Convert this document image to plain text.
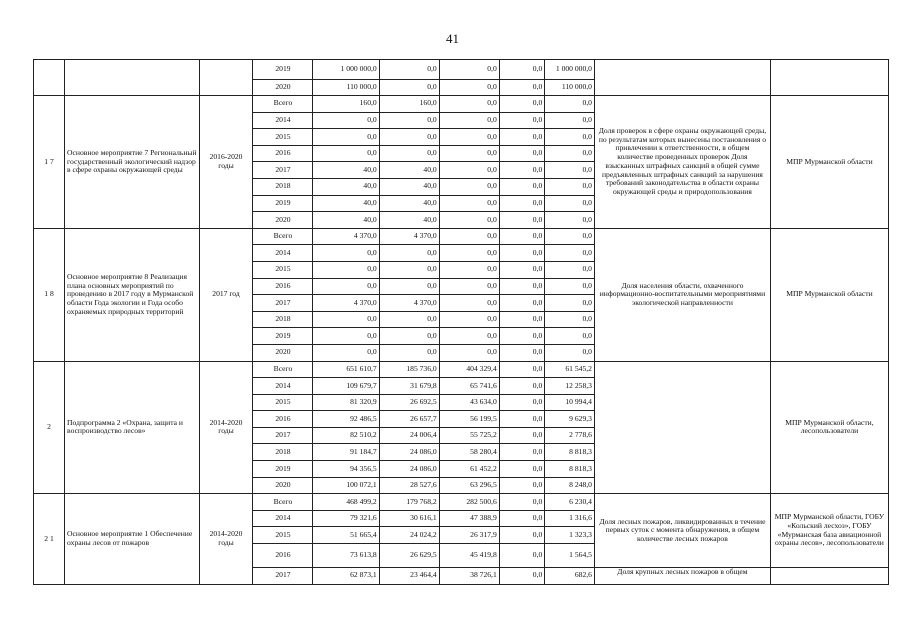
41
			2019	1 000 000,0	0,0	0,0	0,0	1 000 000,0		
			2020	110 000,0	0,0	0,0	0,0	110 000,0		
1 7	Основное мероприятие 7 Региональный государственный экологический надзор в сфере охраны окружающей среды	2016-2020 годы	Всего	160,0	160,0	0,0	0,0	0,0	Доля проверок в сфере охраны окружающей среды, по результатам которых вынесены постановления о привлечении к ответственности, в общем количестве проведенных проверок Доля взысканных штрафных санкций в общей сумме предъявленных штрафных санкций за нарушения требований законодательства в области охраны окружающей среды и природопользования	МПР Мурманской области
			2014	0,0	0,0	0,0	0,0	0,0		
			2015	0,0	0,0	0,0	0,0	0,0		
			2016	0,0	0,0	0,0	0,0	0,0		
			2017	40,0	40,0	0,0	0,0	0,0		
			2018	40,0	40,0	0,0	0,0	0,0		
			2019	40,0	40,0	0,0	0,0	0,0		
			2020	40,0	40,0	0,0	0,0	0,0		
1 8	Основное мероприятие 8 Реализация плана основных мероприятий по проведению в 2017 году в Мурманской области Года экологии и Года особо охраняемых природных территорий	2017 год	Всего	4 370,0	4 370,0	0,0	0,0	0,0	Доля населения области, охваченного информационно-воспитательными мероприятиями экологической направленности	МПР Мурманской области
			2014	0,0	0,0	0,0	0,0	0,0		
			2015	0,0	0,0	0,0	0,0	0,0		
			2016	0,0	0,0	0,0	0,0	0,0		
			2017	4 370,0	4 370,0	0,0	0,0	0,0		
			2018	0,0	0,0	0,0	0,0	0,0		
			2019	0,0	0,0	0,0	0,0	0,0		
			2020	0,0	0,0	0,0	0,0	0,0		
2	Подпрограмма 2 «Охрана, защита и воспроизводство лесов»	2014-2020 годы	Всего	651 610,7	185 736,0	404 329,4	0,0	61 545,2		МПР Мурманской области, лесопользователи
			2014	109 679,7	31 679,8	65 741,6	0,0	12 258,3		
			2015	81 320,9	26 692,5	43 634,0	0,0	10 994,4		
			2016	92 486,5	26 657,7	56 199,5	0,0	9 629,3		
			2017	82 510,2	24 006,4	55 725,2	0,0	2 778,6		
			2018	91 184,7	24 086,0	58 280,4	0,0	8 818,3		
			2019	94 356,5	24 086,0	61 452,2	0,0	8 818,3		
			2020	100 072,1	28 527,6	63 296,5	0,0	8 248,0		
2 1	Основное мероприятие 1 Обеспечение охраны лесов от пожаров	2014-2020 годы	Всего	468 499,2	179 768,2	282 500,6	0,0	6 230,4	Доля лесных пожаров, ликвидированных в течение первых суток с момента обнаружения, в общем количестве лесных пожаров	МПР Мурманской области, ГОБУ «Кольский лесхоз», ГОБУ «Мурманская база авиационной охраны лесов», лесопользователи
			2014	79 321,6	30 616,1	47 388,9	0,0	1 316,6		
			2015	51 665,4	24 024,2	26 317,9	0,0	1 323,3		
			2016	73 613,8	26 629,5	45 419,8	0,0	1 564,5		
			2017	62 873,1	23 464,4	38 726,1	0,0	682,6	Доля крупных лесных пожаров в общем	
